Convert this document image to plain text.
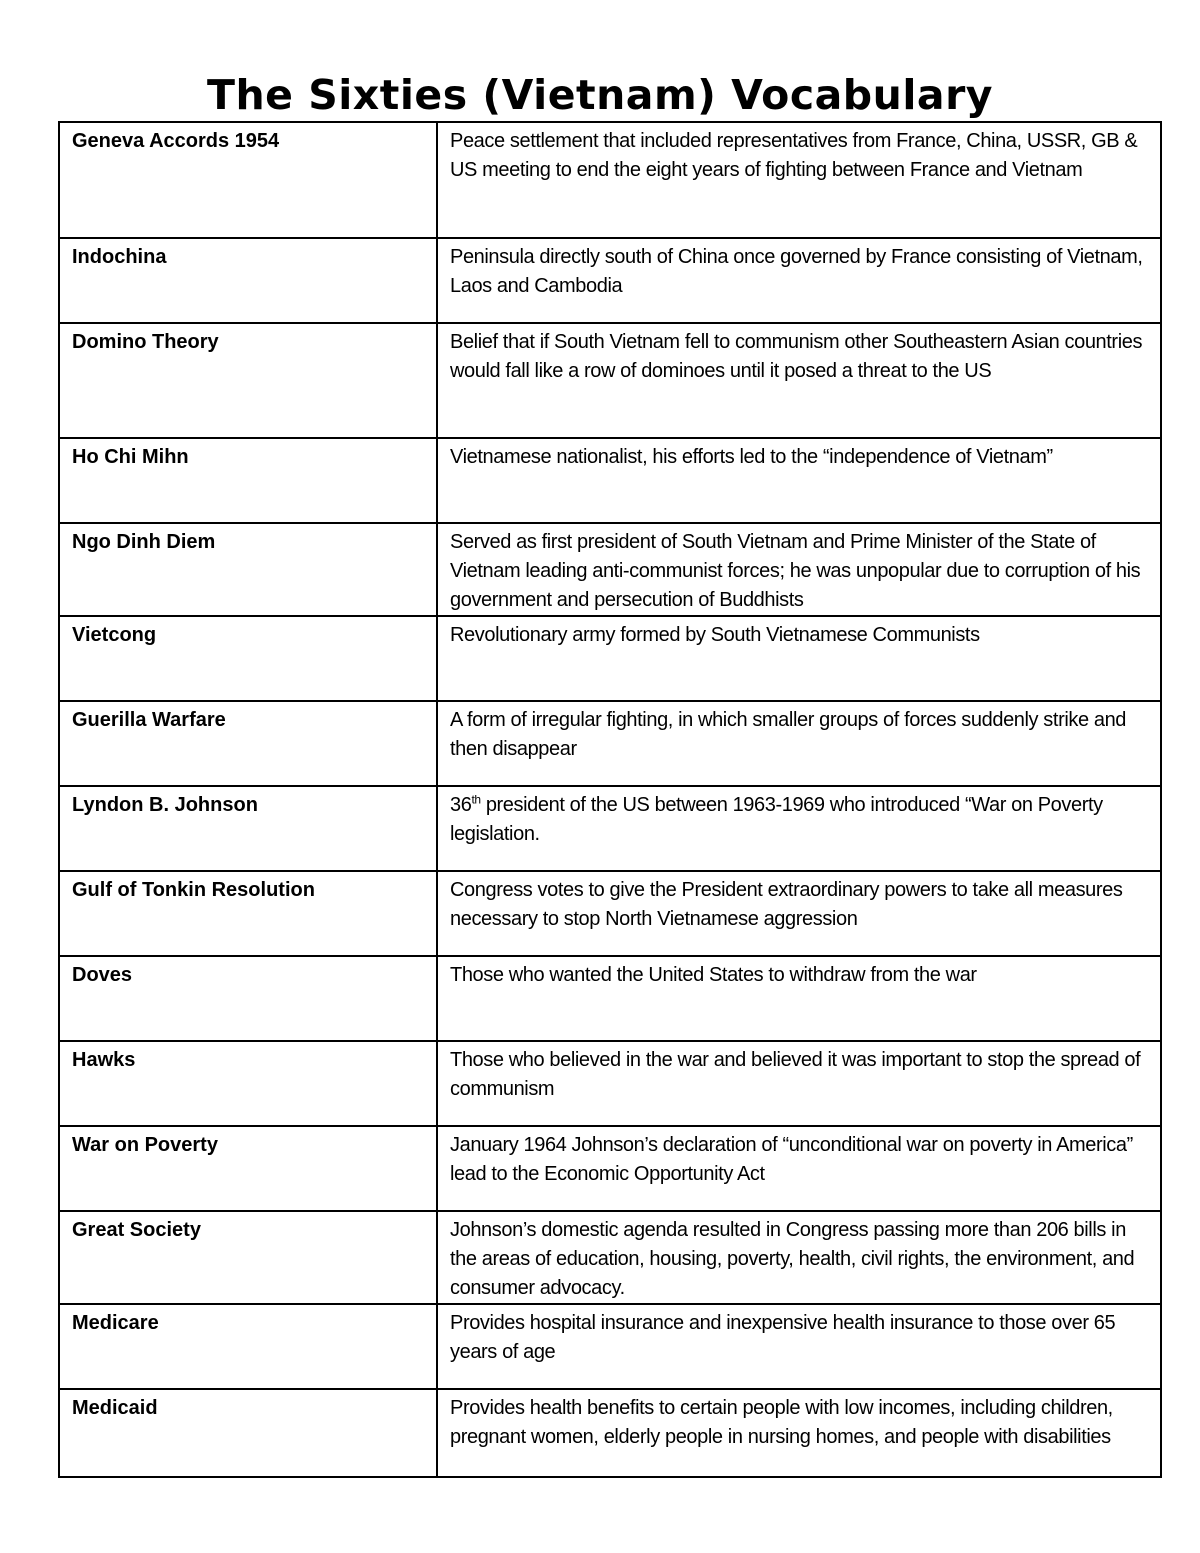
The Sixties (Vietnam) Vocabulary
Geneva Accords 1954	Peace settlement that included representatives from France, China, USSR, GB & US meeting to end the eight years of fighting between France and Vietnam
Indochina	Peninsula directly south of China once governed by France consisting of Vietnam, Laos and Cambodia
Domino Theory	Belief that if South Vietnam fell to communism other Southeastern Asian countries would fall like a row of dominoes until it posed a threat to the US
Ho Chi Mihn	Vietnamese nationalist, his efforts led to the “independence of Vietnam”
Ngo Dinh Diem	Served as first president of South Vietnam and Prime Minister of the State of Vietnam leading anti-communist forces; he was unpopular due to corruption of his government and persecution of Buddhists
Vietcong	Revolutionary army formed by South Vietnamese Communists
Guerilla Warfare	A form of irregular fighting, in which smaller groups of forces suddenly strike and then disappear
Lyndon B. Johnson	36th president of the US between 1963-1969 who introduced “War on Poverty legislation.
Gulf of Tonkin Resolution	Congress votes to give the President extraordinary powers to take all measures necessary to stop North Vietnamese aggression
Doves	Those who wanted the United States to withdraw from the war
Hawks	Those who believed in the war and believed it was important to stop the spread of communism
War on Poverty	January 1964 Johnson’s declaration of “unconditional war on poverty in America” lead to the Economic Opportunity Act
Great Society	Johnson’s domestic agenda resulted in Congress passing more than 206 bills in the areas of education, housing, poverty, health, civil rights, the environment, and consumer advocacy.
Medicare	Provides hospital insurance and inexpensive health insurance to those over 65 years of age
Medicaid	Provides health benefits to certain people with low incomes, including children, pregnant women, elderly people in nursing homes, and people with disabilities
